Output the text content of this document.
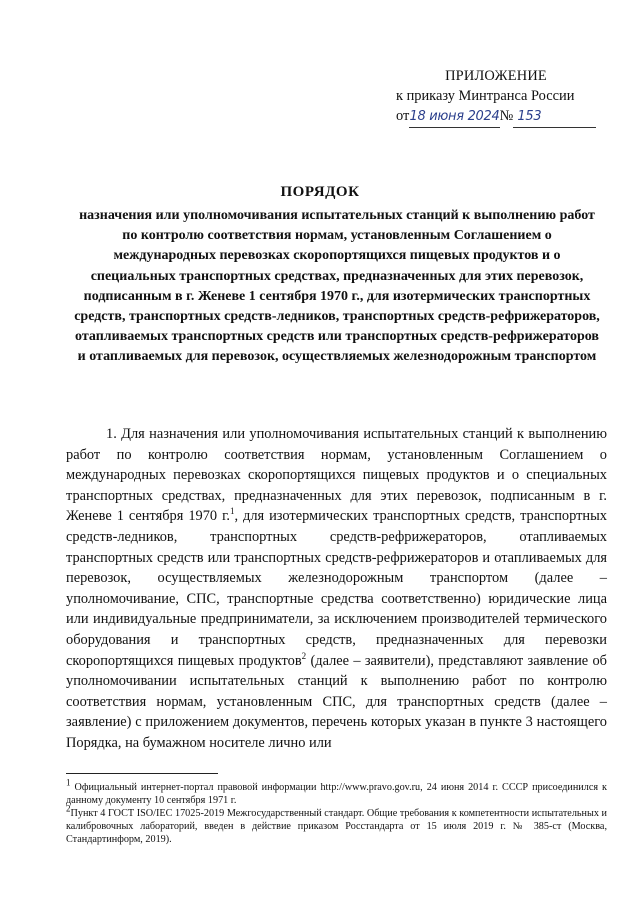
ПРИЛОЖЕНИЕ
к приказу Минтранса России
от 18 июня 2024 № 153
ПОРЯДОК
назначения или уполномочивания испытательных станций к выполнению работ по контролю соответствия нормам, установленным Соглашением о международных перевозках скоропортящихся пищевых продуктов и о специальных транспортных средствах, предназначенных для этих перевозок, подписанным в г. Женеве 1 сентября 1970 г., для изотермических транспортных средств, транспортных средств-ледников, транспортных средств-рефрижераторов, отапливаемых транспортных средств или транспортных средств-рефрижераторов и отапливаемых для перевозок, осуществляемых железнодорожным транспортом
1. Для назначения или уполномочивания испытательных станций к выполнению работ по контролю соответствия нормам, установленным Соглашением о международных перевозках скоропортящихся пищевых продуктов и о специальных транспортных средствах, предназначенных для этих перевозок, подписанным в г. Женеве 1 сентября 1970 г.$^1$, для изотермических транспортных средств, транспортных средств-ледников, транспортных средств-рефрижераторов, отапливаемых транспортных средств или транспортных средств-рефрижераторов и отапливаемых для перевозок, осуществляемых железнодорожным транспортом (далее – уполномочивание, СПС, транспортные средства соответственно) юридические лица или индивидуальные предприниматели, за исключением производителей термического оборудования и транспортных средств, предназначенных для перевозки скоропортящихся пищевых продуктов$^2$ (далее – заявители), представляют заявление об уполномочивании испытательных станций к выполнению работ по контролю соответствия нормам, установленным СПС, для транспортных средств (далее – заявление) с приложением документов, перечень которых указан в пункте 3 настоящего Порядка, на бумажном носителе лично или

$^1$ Официальный интернет-портал правовой информации http://www.pravo.gov.ru, 24 июня 2014 г. СССР присоединился к данному документу 10 сентября 1971 г.

$^2$Пункт 4 ГОСТ ISO/IEC 17025-2019 Межгосударственный стандарт. Общие требования к компетентности испытательных и калибровочных лабораторий, введен в действие приказом Росстандарта от 15 июля 2019 г. № 385-ст (Москва, Стандартинформ, 2019).
